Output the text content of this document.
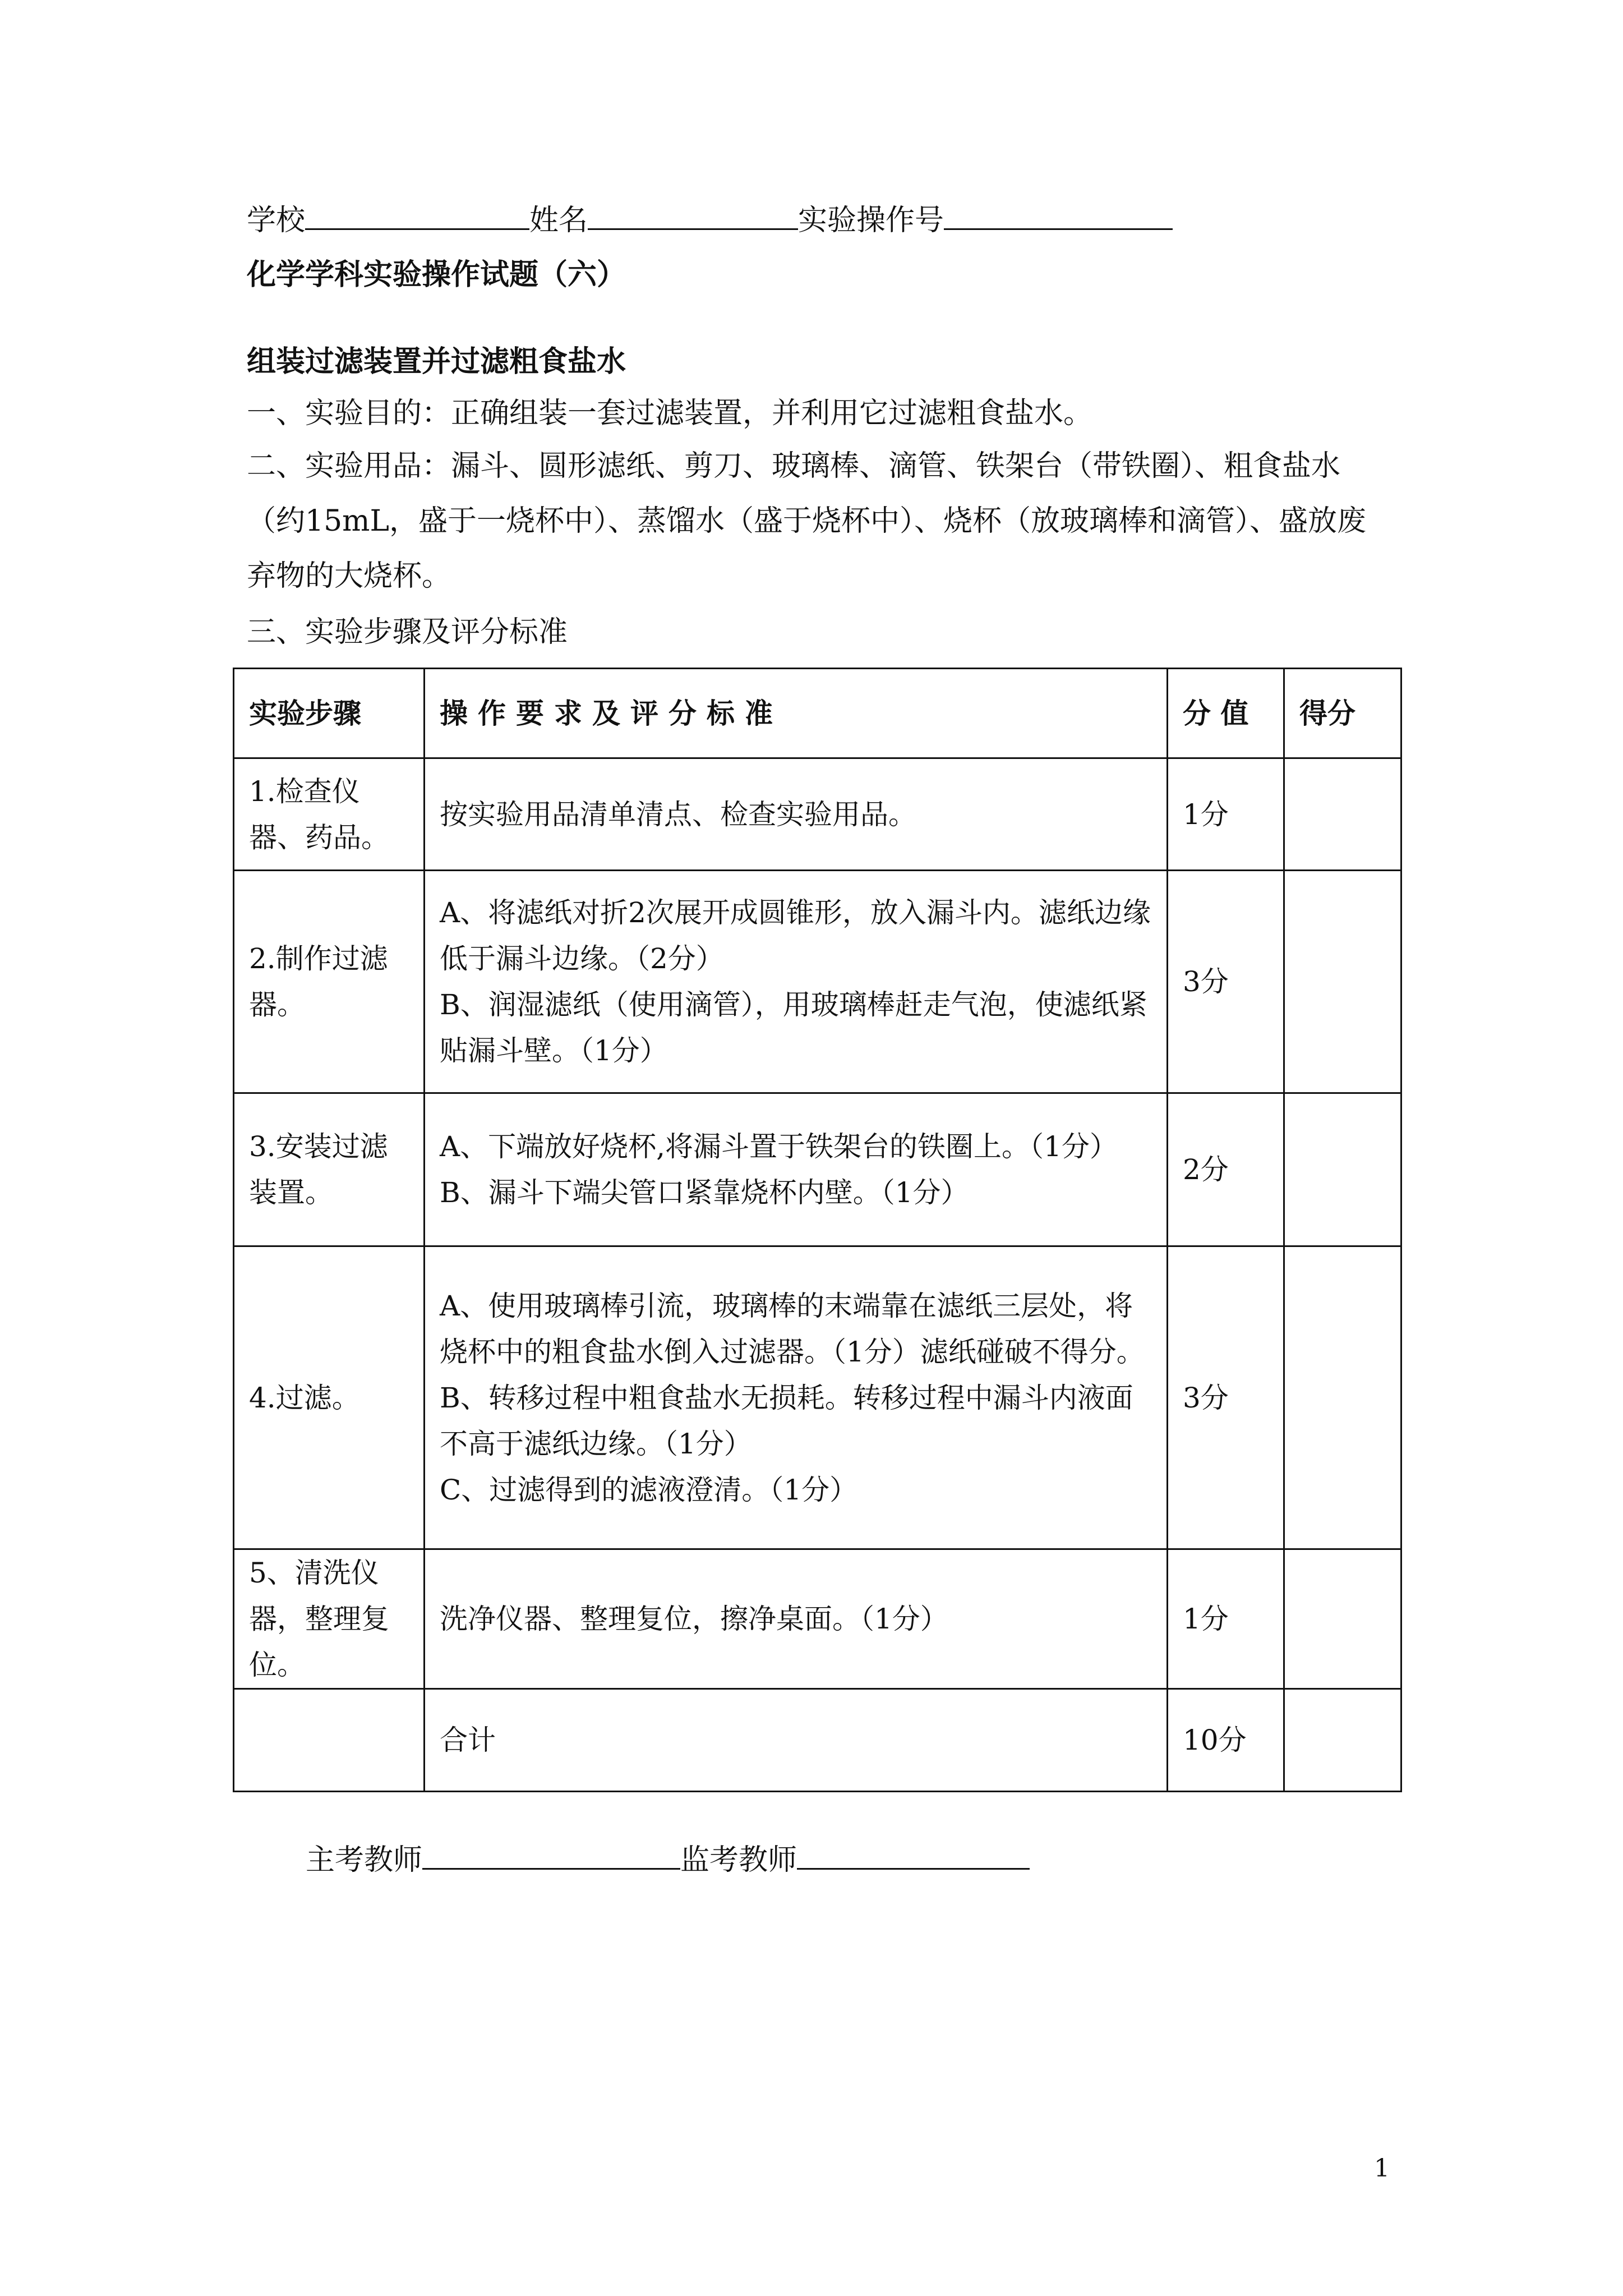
学校	姓名	实验操作号
化学学科实验操作试题（六）
组装过滤装置并过滤粗食盐水
一、实验目的：正确组装一套过滤装置，并利用它过滤粗食盐水。
二、实验用品：漏斗、圆形滤纸、剪刀、玻璃棒、滴管、铁架台（带铁圈）、粗食盐水（约15mL，盛于一烧杯中）、蒸馏水（盛于烧杯中）、烧杯（放玻璃棒和滴管）、盛放废弃物的大烧杯。
三、实验步骤及评分标准
实验步骤	操作要求及评分标准	分 值	得分
1.检查仪器、药品。	按实验用品清单清点、检查实验用品。	1分	
2.制作过滤器。	A、将滤纸对折2次展开成圆锥形，放入漏斗内。滤纸边缘低于漏斗边缘。（2分）
B、润湿滤纸（使用滴管），用玻璃棒赶走气泡，使滤纸紧贴漏斗壁。（1分）	3分	
3.安装过滤装置。	A、下端放好烧杯,将漏斗置于铁架台的铁圈上。（1分）
B、漏斗下端尖管口紧靠烧杯内壁。（1分）	2分	
4.过滤。	A、使用玻璃棒引流，玻璃棒的末端靠在滤纸三层处，将烧杯中的粗食盐水倒入过滤器。（1分）滤纸碰破不得分。
B、转移过程中粗食盐水无损耗。转移过程中漏斗内液面不高于滤纸边缘。（1分）
C、过滤得到的滤液澄清。（1分）	3分	
5、清洗仪器，整理复位。	洗净仪器、整理复位，擦净桌面。（1分）	1分	
	合计	10分	
主考教师	监考教师
1
